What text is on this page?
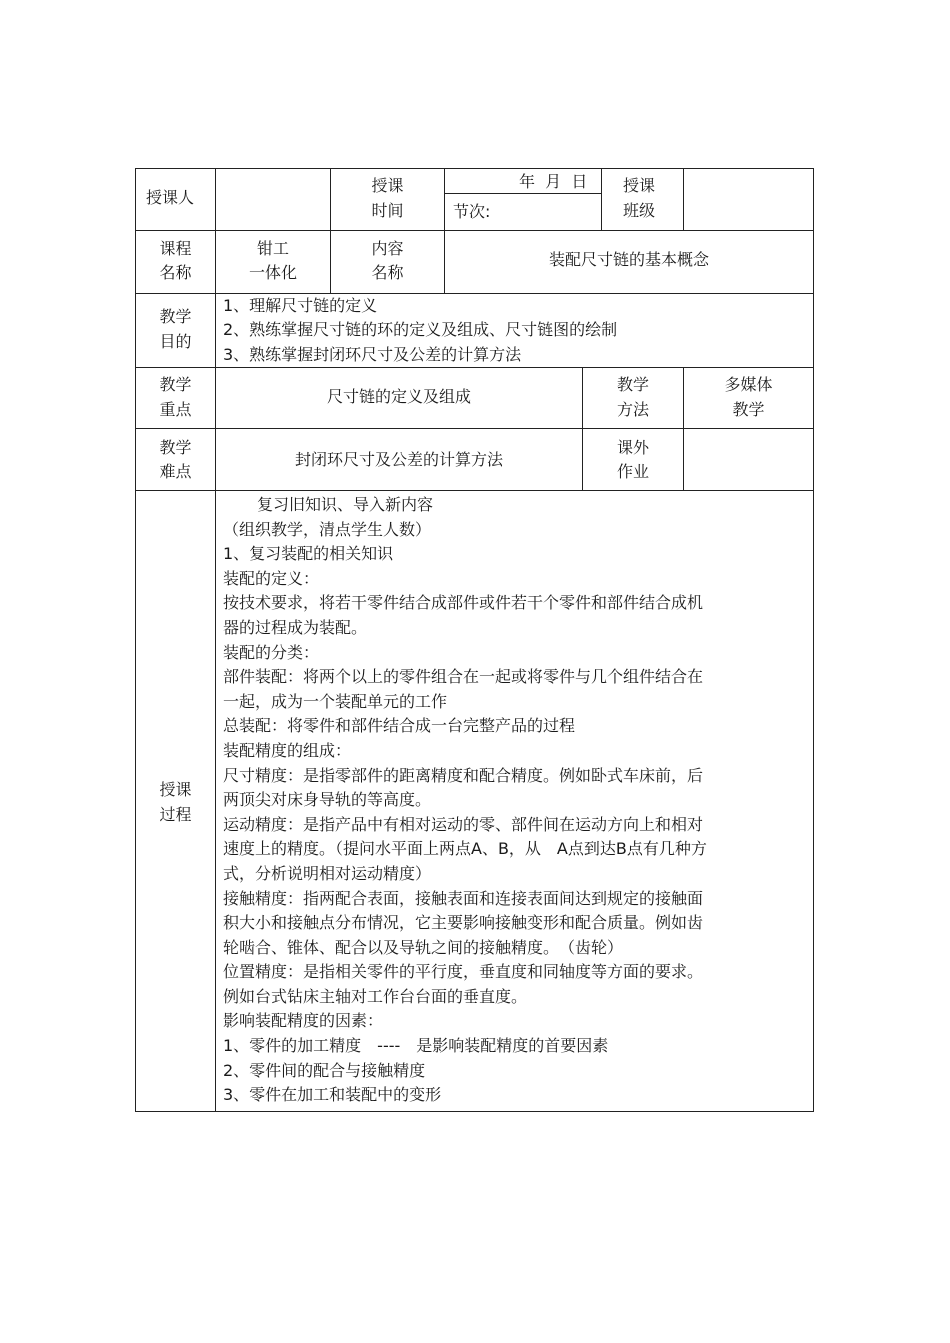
授课人
授课
时间
年  月  日
节次:
授课
班级
课程
名称
钳工
一体化
内容
名称
装配尺寸链的基本概念
教学
目的
1、理解尺寸链的定义
2、熟练掌握尺寸链的环的定义及组成、尺寸链图的绘制
3、熟练掌握封闭环尺寸及公差的计算方法
教学
重点
尺寸链的定义及组成
教学
方法
多媒体
教学
教学
难点
封闭环尺寸及公差的计算方法
课外
作业
授课
过程
复习旧知识、导入新内容
（组织教学，清点学生人数）
1、复习装配的相关知识
装配的定义：
按技术要求，将若干零件结合成部件或件若干个零件和部件结合成机
器的过程成为装配。
装配的分类：
部件装配：将两个以上的零件组合在一起或将零件与几个组件结合在
一起，成为一个装配单元的工作
总装配：将零件和部件结合成一台完整产品的过程
装配精度的组成：
尺寸精度：是指零部件的距离精度和配合精度。例如卧式车床前，后
两顶尖对床身导轨的等高度。
运动精度：是指产品中有相对运动的零、部件间在运动方向上和相对
速度上的精度。（提问水平面上两点A、B，从　A点到达B点有几种方
式，分析说明相对运动精度）
接触精度：指两配合表面，接触表面和连接表面间达到规定的接触面
积大小和接触点分布情况，它主要影响接触变形和配合质量。例如齿
轮啮合、锥体、配合以及导轨之间的接触精度。　（齿轮）
位置精度：是指相关零件的平行度，垂直度和同轴度等方面的要求。
例如台式钻床主轴对工作台台面的垂直度。
影响装配精度的因素：
1、零件的加工精度　----　是影响装配精度的首要因素
2、零件间的配合与接触精度
3、零件在加工和装配中的变形
